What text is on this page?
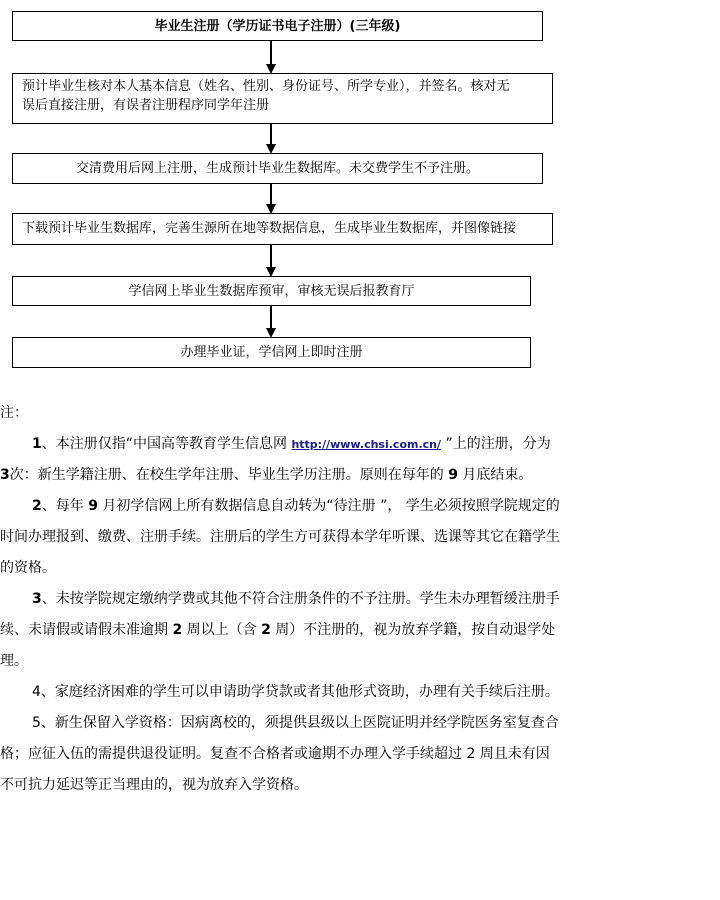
毕业生注册（学历证书电子注册）(三年级)
预计毕业生核对本人基本信息（姓名、性别、身份证号、所学专业），并签名。核对无
误后直接注册，有误者注册程序同学年注册
交清费用后网上注册，生成预计毕业生数据库。未交费学生不予注册。
下载预计毕业生数据库，完善生源所在地等数据信息，生成毕业生数据库，并图像链接
学信网上毕业生数据库预审，审核无误后报教育厅
办理毕业证，学信网上即时注册

注：

1、本注册仅指“中国高等教育学生信息网 http://www.chsi.com.cn/ ”上的注册，分为3次：新生学籍注册、在校生学年注册、毕业生学历注册。原则在每年的 9 月底结束。

2、每年 9 月初学信网上所有数据信息自动转为“待注册 ”， 学生必须按照学院规定的时间办理报到、缴费、注册手续。注册后的学生方可获得本学年听课、选课等其它在籍学生的资格。

3、未按学院规定缴纳学费或其他不符合注册条件的不予注册。学生未办理暂缓注册手续、未请假或请假未准逾期 2 周以上（含 2 周）不注册的，视为放弃学籍，按自动退学处理。

4、家庭经济困难的学生可以申请助学贷款或者其他形式资助，办理有关手续后注册。

5、新生保留入学资格：因病离校的，须提供县级以上医院证明并经学院医务室复查合格；应征入伍的需提供退役证明。复查不合格者或逾期不办理入学手续超过 2 周且未有因不可抗力延迟等正当理由的，视为放弃入学资格。
